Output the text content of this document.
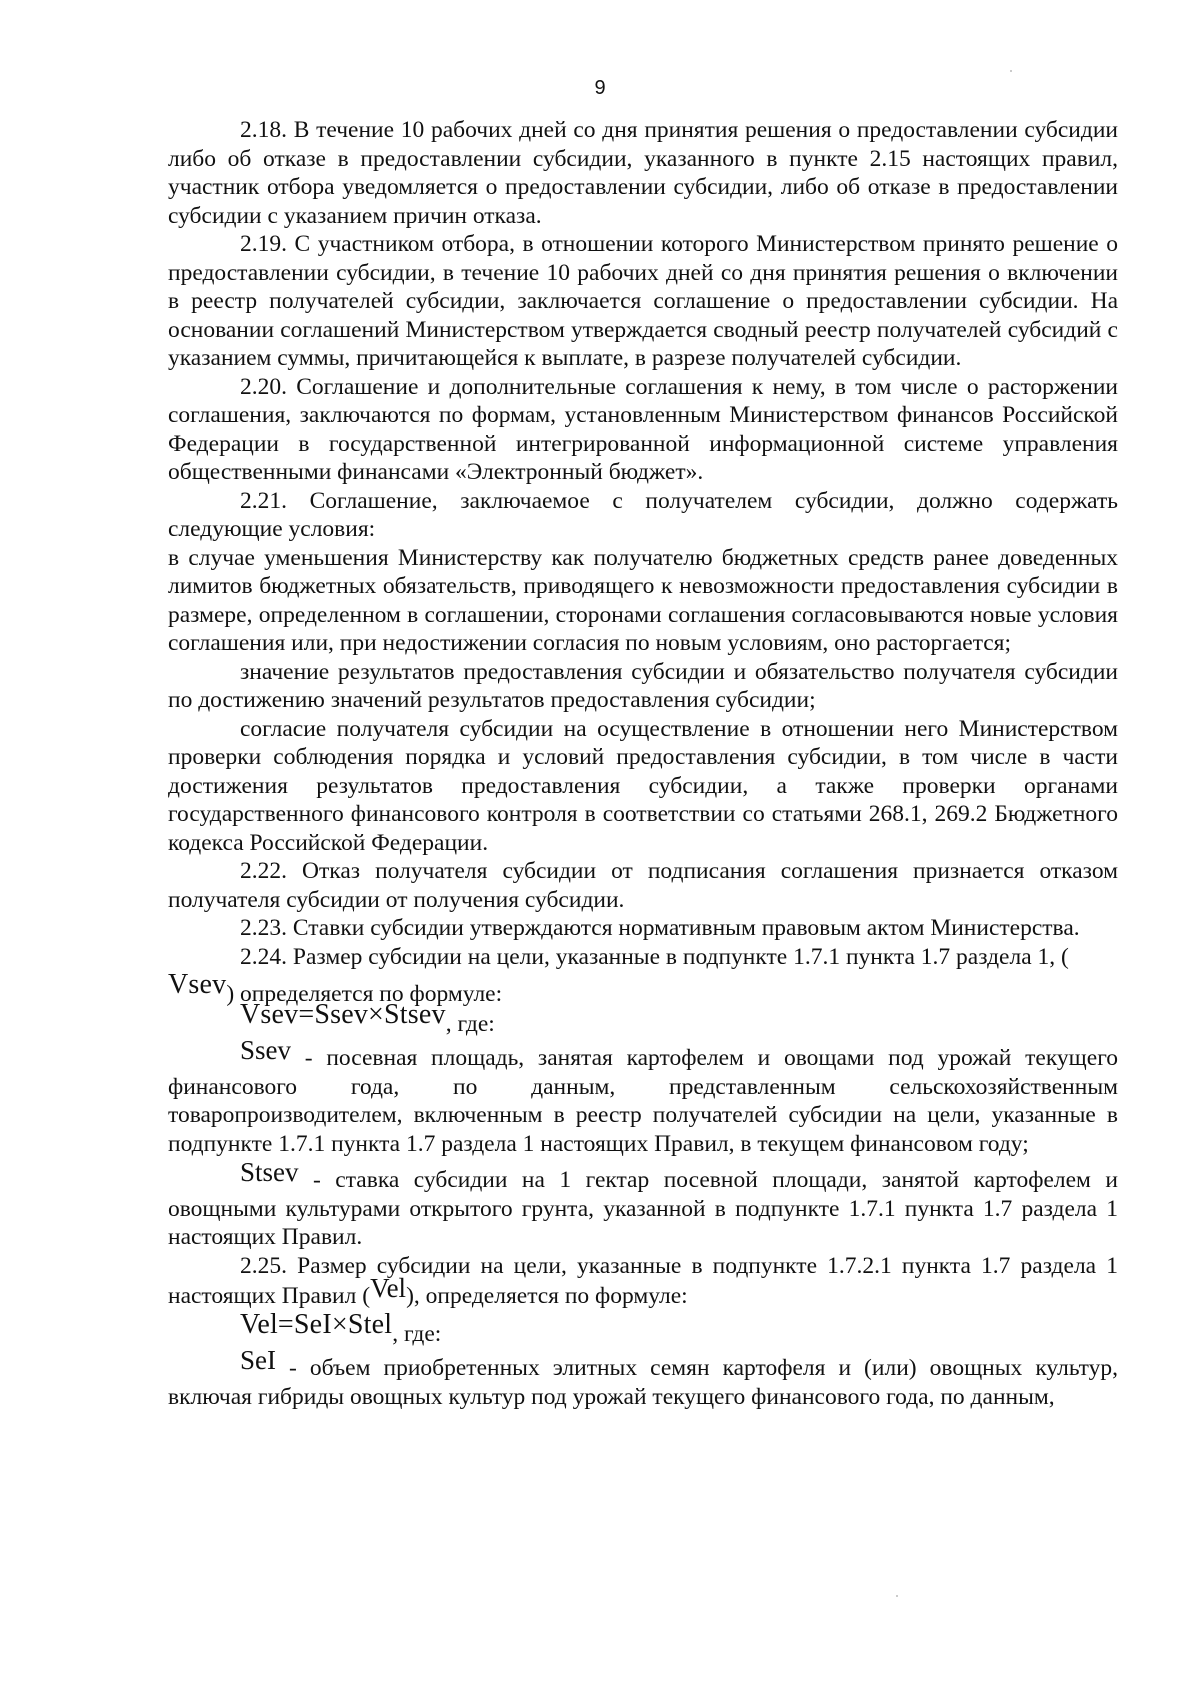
9

2.18. В течение 10 рабочих дней со дня принятия решения о предоставлении субсидии либо об отказе в предоставлении субсидии, указанного в пункте 2.15 настоящих правил, участник отбора уведомляется о предоставлении субсидии, либо об отказе в предоставлении субсидии с указанием причин отказа.

2.19. С участником отбора, в отношении которого Министерством принято решение о предоставлении субсидии, в течение 10 рабочих дней со дня принятия решения о включении в реестр получателей субсидии, заключается соглашение о предоставлении субсидии. На основании соглашений Министерством утверждается сводный реестр получателей субсидий с указанием суммы, причитающейся к выплате, в разрезе получателей субсидии.

2.20. Соглашение и дополнительные соглашения к нему, в том числе о расторжении соглашения, заключаются по формам, установленным Министерством финансов Российской Федерации в государственной интегрированной информационной системе управления общественными финансами «Электронный бюджет».

2.21. Соглашение, заключаемое с получателем субсидии, должно содержать следующие условия:

в случае уменьшения Министерству как получателю бюджетных средств ранее доведенных лимитов бюджетных обязательств, приводящего к невозможности предоставления субсидии в размере, определенном в соглашении, сторонами соглашения согласовываются новые условия соглашения или, при недостижении согласия по новым условиям, оно расторгается;

значение результатов предоставления субсидии и обязательство получателя субсидии по достижению значений результатов предоставления субсидии;

согласие получателя субсидии на осуществление в отношении него Министерством проверки соблюдения порядка и условий предоставления субсидии, в том числе в части достижения результатов предоставления субсидии, а также проверки органами государственного финансового контроля в соответствии со статьями 268.1, 269.2 Бюджетного кодекса Российской Федерации.

2.22. Отказ получателя субсидии от подписания соглашения признается отказом получателя субсидии от получения субсидии.

2.23. Ставки субсидии утверждаются нормативным правовым актом Министерства.

2.24. Размер субсидии на цели, указанные в подпункте 1.7.1 пункта 1.7 раздела 1, (

Vsev) определяется по формуле:

Vsev=Ssev×Stsev, где:

Ssev - посевная площадь, занятая картофелем и овощами под урожай текущего финансового года, по данным, представленным сельскохозяйственным товаропроизводителем, включенным в реестр получателей субсидии на цели, указанные в подпункте 1.7.1 пункта 1.7 раздела 1 настоящих Правил, в текущем финансовом году;

Stsev - ставка субсидии на 1 гектар посевной площади, занятой картофелем и овощными культурами открытого грунта, указанной в подпункте 1.7.1 пункта 1.7 раздела 1 настоящих Правил.

2.25. Размер субсидии на цели, указанные в подпункте 1.7.2.1 пункта 1.7 раздела 1 настоящих Правил (Vel), определяется по формуле:

Vel=SeI×Stel, где:

SeI - объем приобретенных элитных семян картофеля и (или) овощных культур, включая гибриды овощных культур под урожай текущего финансового года, по данным,
